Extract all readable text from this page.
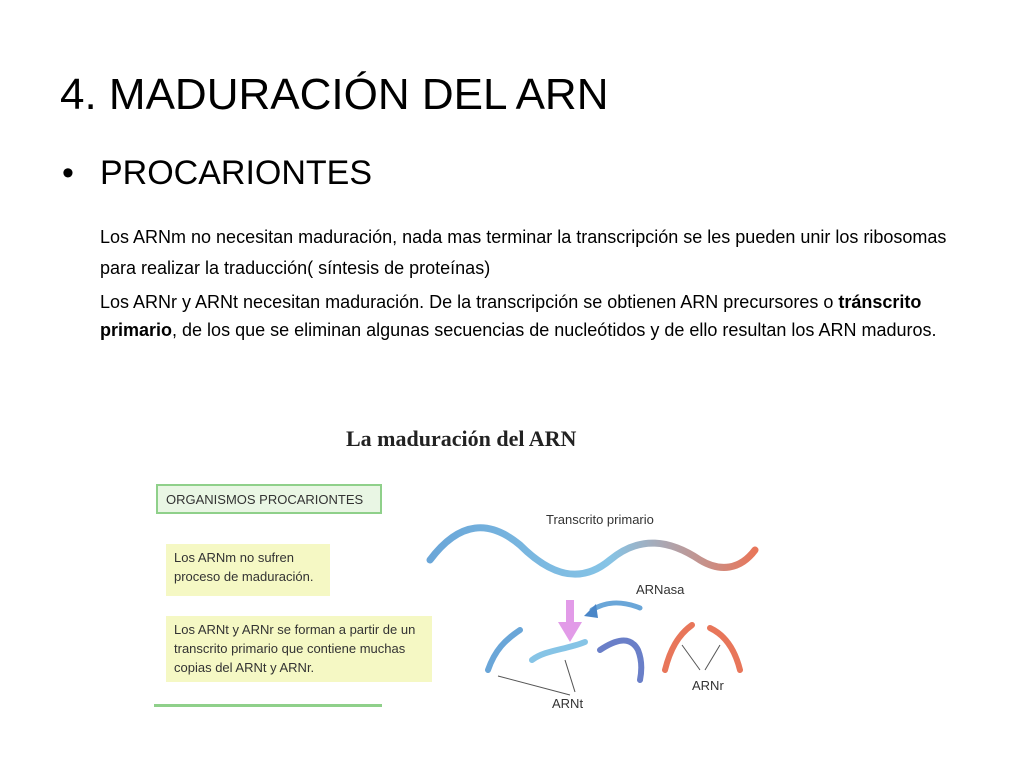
4. MADURACIÓN DEL ARN
• PROCARIONTES

Los ARNm no necesitan maduración, nada mas terminar la transcripción se les pueden unir los ribosomas para realizar la traducción( síntesis de proteínas)

Los ARNr y ARNt necesitan maduración. De la transcripción se obtienen ARN precursores o tránscrito primario, de los que se eliminan algunas secuencias de nucleótidos y de ello resultan los ARN maduros.

La maduración del ARN
ORGANISMOS PROCARIONTES
Los ARNm no sufren proceso de maduración.
Los ARNt y ARNr se forman a partir de un transcrito primario que contiene muchas copias del ARNt y ARNr.
Transcrito primario
ARNasa
ARNt
ARNr
